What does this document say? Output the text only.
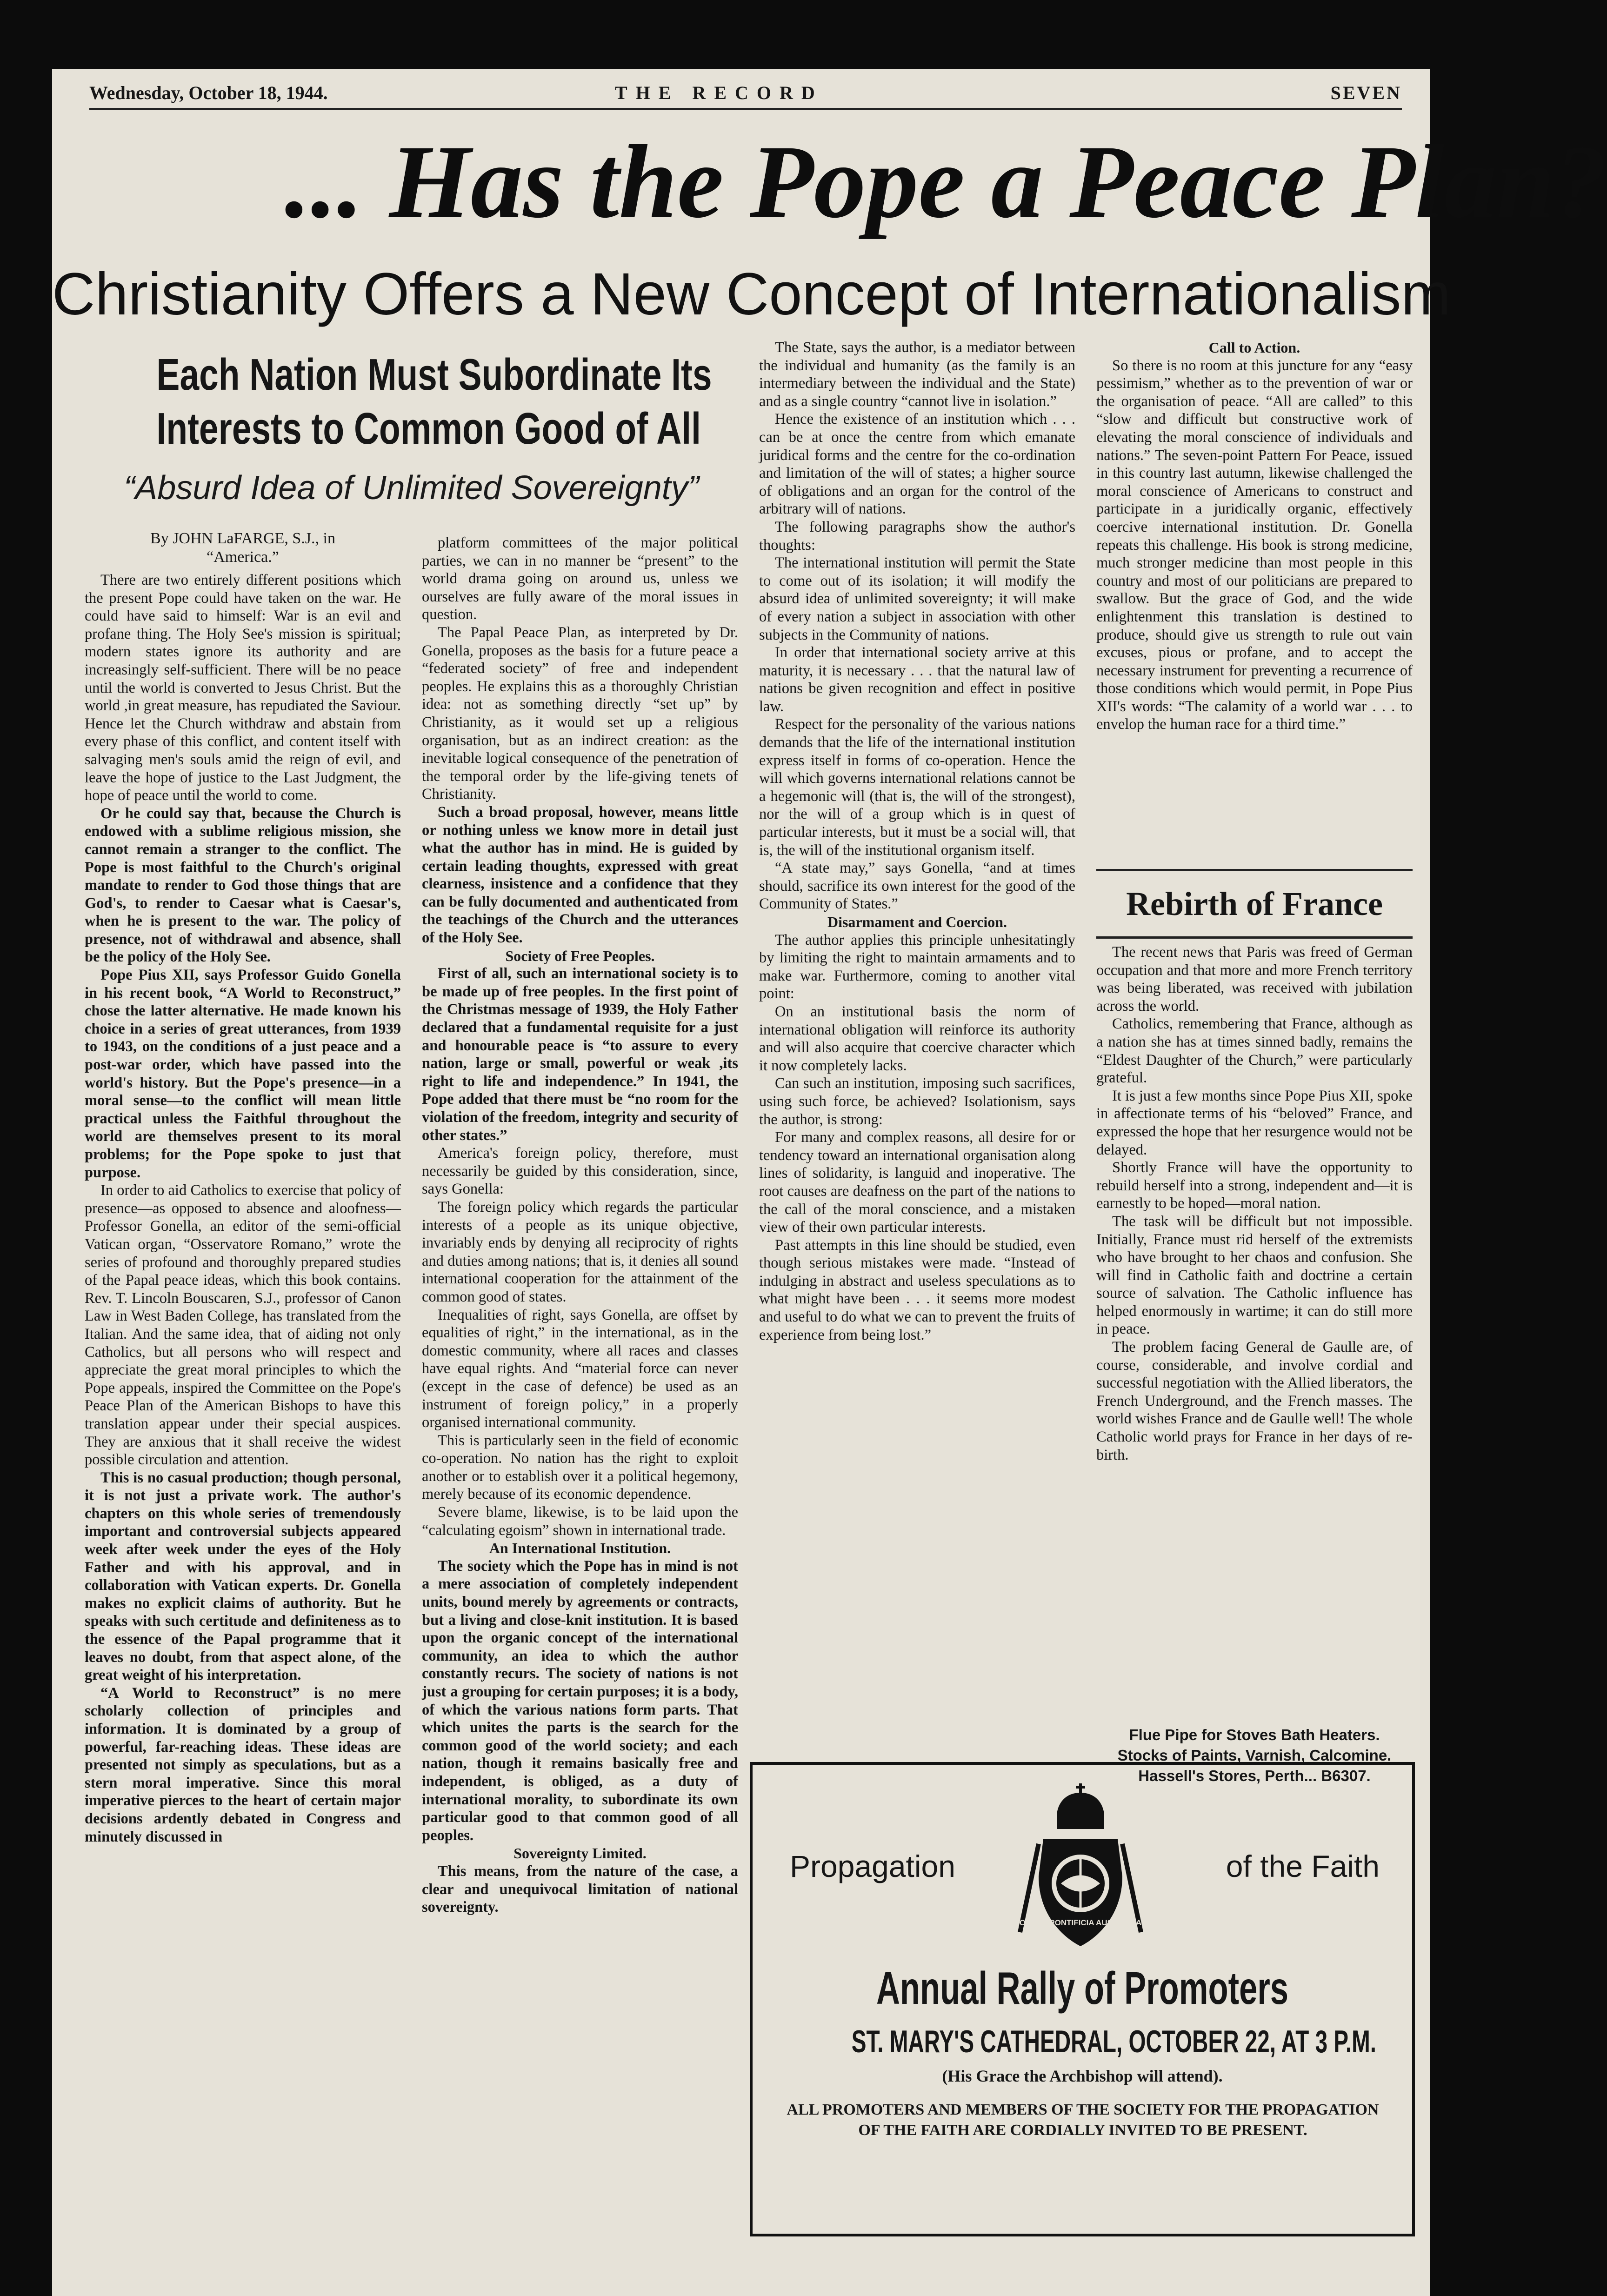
Wednesday, October 18, 1944.	THE RECORD	SEVEN
... Has the Pope a Peace Plan?
Christianity Offers a New Concept of Internationalism
Each Nation Must Subordinate Its
Interests to Common Good of All
“Absurd Idea of Unlimited Sovereignty”
By JOHN LaFARGE, S.J., in
“America.”

There are two entirely different positions which the present Pope could have taken on the war. He could have said to himself: War is an evil and profane thing. The Holy See's mission is spiritual; modern states ignore its authority and are increasingly self-sufficient. There will be no peace until the world is converted to Jesus Christ. But the world ,in great measure, has repudiated the Saviour. Hence let the Church withdraw and abstain from every phase of this conflict, and content itself with salvaging men's souls amid the reign of evil, and leave the hope of justice to the Last Judgment, the hope of peace until the world to come.

Or he could say that, because the Church is endowed with a sublime religious mission, she cannot remain a stranger to the conflict. The Pope is most faithful to the Church's original mandate to render to God those things that are God's, to render to Caesar what is Caesar's, when he is present to the war. The policy of presence, not of withdrawal and absence, shall be the policy of the Holy See.

Pope Pius XII, says Professor Guido Gonella in his recent book, “A World to Reconstruct,” chose the latter alternative. He made known his choice in a series of great utterances, from 1939 to 1943, on the conditions of a just peace and a post-war order, which have passed into the world's history. But the Pope's presence—in a moral sense—to the conflict will mean little practical unless the Faithful throughout the world are themselves present to its moral problems; for the Pope spoke to just that purpose.

In order to aid Catholics to exercise that policy of presence—as opposed to absence and aloofness—Professor Gonella, an editor of the semi-official Vatican organ, “Osservatore Romano,” wrote the series of profound and thoroughly prepared studies of the Papal peace ideas, which this book contains. Rev. T. Lincoln Bouscaren, S.J., professor of Canon Law in West Baden College, has translated from the Italian. And the same idea, that of aiding not only Catholics, but all persons who will respect and appreciate the great moral principles to which the Pope appeals, inspired the Committee on the Pope's Peace Plan of the American Bishops to have this translation appear under their special auspices. They are anxious that it shall receive the widest possible circulation and attention.

This is no casual production; though personal, it is not just a private work. The author's chapters on this whole series of tremendously important and controversial subjects appeared week after week under the eyes of the Holy Father and with his approval, and in collaboration with Vatican experts. Dr. Gonella makes no explicit claims of authority. But he speaks with such certitude and definiteness as to the essence of the Papal programme that it leaves no doubt, from that aspect alone, of the great weight of his interpretation.

“A World to Reconstruct” is no mere scholarly collection of principles and information. It is dominated by a group of powerful, far-reaching ideas. These ideas are presented not simply as speculations, but as a stern moral imperative. Since this moral imperative pierces to the heart of certain major decisions ardently debated in Congress and minutely discussed in

platform committees of the major political parties, we can in no manner be “present” to the world drama going on around us, unless we ourselves are fully aware of the moral issues in question.

The Papal Peace Plan, as interpreted by Dr. Gonella, proposes as the basis for a future peace a “federated society” of free and independent peoples. He explains this as a thoroughly Christian idea: not as something directly “set up” by Christianity, as it would set up a religious organisation, but as an indirect creation: as the inevitable logical consequence of the penetration of the temporal order by the life-giving tenets of Christianity.

Such a broad proposal, however, means little or nothing unless we know more in detail just what the author has in mind. He is guided by certain leading thoughts, expressed with great clearness, insistence and a confidence that they can be fully documented and authenticated from the teachings of the Church and the utterances of the Holy See.

Society of Free Peoples.

First of all, such an international society is to be made up of free peoples. In the first point of the Christmas message of 1939, the Holy Father declared that a fundamental requisite for a just and honourable peace is “to assure to every nation, large or small, powerful or weak ,its right to life and independence.” In 1941, the Pope added that there must be “no room for the violation of the freedom, integrity and security of other states.”

America's foreign policy, therefore, must necessarily be guided by this consideration, since, says Gonella:

The foreign policy which regards the particular interests of a people as its unique objective, invariably ends by denying all reciprocity of rights and duties among nations; that is, it denies all sound international cooperation for the attainment of the common good of states.

Inequalities of right, says Gonella, are offset by equalities of right,” in the international, as in the domestic community, where all races and classes have equal rights. And “material force can never (except in the case of defence) be used as an instrument of foreign policy,” in a properly organised international community.

This is particularly seen in the field of economic co-operation. No nation has the right to exploit another or to establish over it a political hegemony, merely because of its economic dependence.

Severe blame, likewise, is to be laid upon the “calculating egoism” shown in international trade.

An International Institution.

The society which the Pope has in mind is not a mere association of completely independent units, bound merely by agreements or contracts, but a living and close-knit institution. It is based upon the organic concept of the international community, an idea to which the author constantly recurs. The society of nations is not just a grouping for certain purposes; it is a body, of which the various nations form parts. That which unites the parts is the search for the common good of the world society; and each nation, though it remains basically free and independent, is obliged, as a duty of international morality, to subordinate its own particular good to that common good of all peoples.

Sovereignty Limited.

This means, from the nature of the case, a clear and unequivocal limitation of national sovereignty.

The State, says the author, is a mediator between the individual and humanity (as the family is an intermediary between the individual and the State) and as a single country “cannot live in isolation.”

Hence the existence of an institution which . . . can be at once the centre from which emanate juridical forms and the centre for the co-ordination and limitation of the will of states; a higher source of obligations and an organ for the control of the arbitrary will of nations.

The following paragraphs show the author's thoughts:

The international institution will permit the State to come out of its isolation; it will modify the absurd idea of unlimited sovereignty; it will make of every nation a subject in association with other subjects in the Community of nations.

In order that international society arrive at this maturity, it is necessary . . . that the natural law of nations be given recognition and effect in positive law.

Respect for the personality of the various nations demands that the life of the international institution express itself in forms of co-operation. Hence the will which governs international relations cannot be a hegemonic will (that is, the will of the strongest), nor the will of a group which is in quest of particular interests, but it must be a social will, that is, the will of the institutional organism itself.

“A state may,” says Gonella, “and at times should, sacrifice its own interest for the good of the Community of States.”

Disarmament and Coercion.

The author applies this principle unhesitatingly by limiting the right to maintain armaments and to make war. Furthermore, coming to another vital point:

On an institutional basis the norm of international obligation will reinforce its authority and will also acquire that coercive character which it now completely lacks.

Can such an institution, imposing such sacrifices, using such force, be achieved? Isolationism, says the author, is strong:

For many and complex reasons, all desire for or tendency toward an international organisation along lines of solidarity, is languid and inoperative. The root causes are deafness on the part of the nations to the call of the moral conscience, and a mistaken view of their own particular interests.

Past attempts in this line should be studied, even though serious mistakes were made. “Instead of indulging in abstract and useless speculations as to what might have been . . . it seems more modest and useful to do what we can to prevent the fruits of experience from being lost.”

Call to Action.

So there is no room at this juncture for any “easy pessimism,” whether as to the prevention of war or the organisation of peace. “All are called” to this “slow and difficult but constructive work of elevating the moral conscience of individuals and nations.” The seven-point Pattern For Peace, issued in this country last autumn, likewise challenged the moral conscience of Americans to construct and participate in a juridically organic, effectively coercive international institution. Dr. Gonella repeats this challenge. His book is strong medicine, much stronger medicine than most people in this country and most of our politicians are prepared to swallow. But the grace of God, and the wide enlightenment this translation is destined to produce, should give us strength to rule out vain excuses, pious or profane, and to accept the necessary instrument for preventing a recurrence of those conditions which would permit, in Pope Pius XII's words: “The calamity of a world war . . . to envelop the human race for a third time.”

Rebirth of France

The recent news that Paris was freed of German occupation and that more and more French territory was being liberated, was received with jubilation across the world.

Catholics, remembering that France, although as a nation she has at times sinned badly, remains the “Eldest Daughter of the Church,” were particularly grateful.

It is just a few months since Pope Pius XII, spoke in affectionate terms of his “beloved” France, and expressed the hope that her resurgence would not be delayed.

Shortly France will have the opportunity to rebuild herself into a strong, independent and—it is earnestly to be hoped—moral nation.

The task will be difficult but not impossible. Initially, France must rid herself of the extremists who have brought to her chaos and confusion. She will find in Catholic faith and doctrine a certain source of salvation. The Catholic influence has helped enormously in wartime; it can do still more in peace.

The problem facing General de Gaulle are, of course, considerable, and involve cordial and successful negotiation with the Allied liberators, the French Underground, and the French masses. The world wishes France and de Gaulle well! The whole Catholic world prays for France in her days of re-birth.

Flue Pipe for Stoves Bath Heaters.
Stocks of Paints, Varnish, Calcomine.
Hassell's Stores, Perth... B6307.
Propagation	of the Faith
OPERA PONTIFICIA AUSTRALIA
Annual Rally of Promoters
ST. MARY'S CATHEDRAL, OCTOBER 22, AT 3 P.M.
(His Grace the Archbishop will attend).
ALL PROMOTERS AND MEMBERS OF THE SOCIETY FOR THE PROPAGATION OF THE FAITH ARE CORDIALLY INVITED TO BE PRESENT.
